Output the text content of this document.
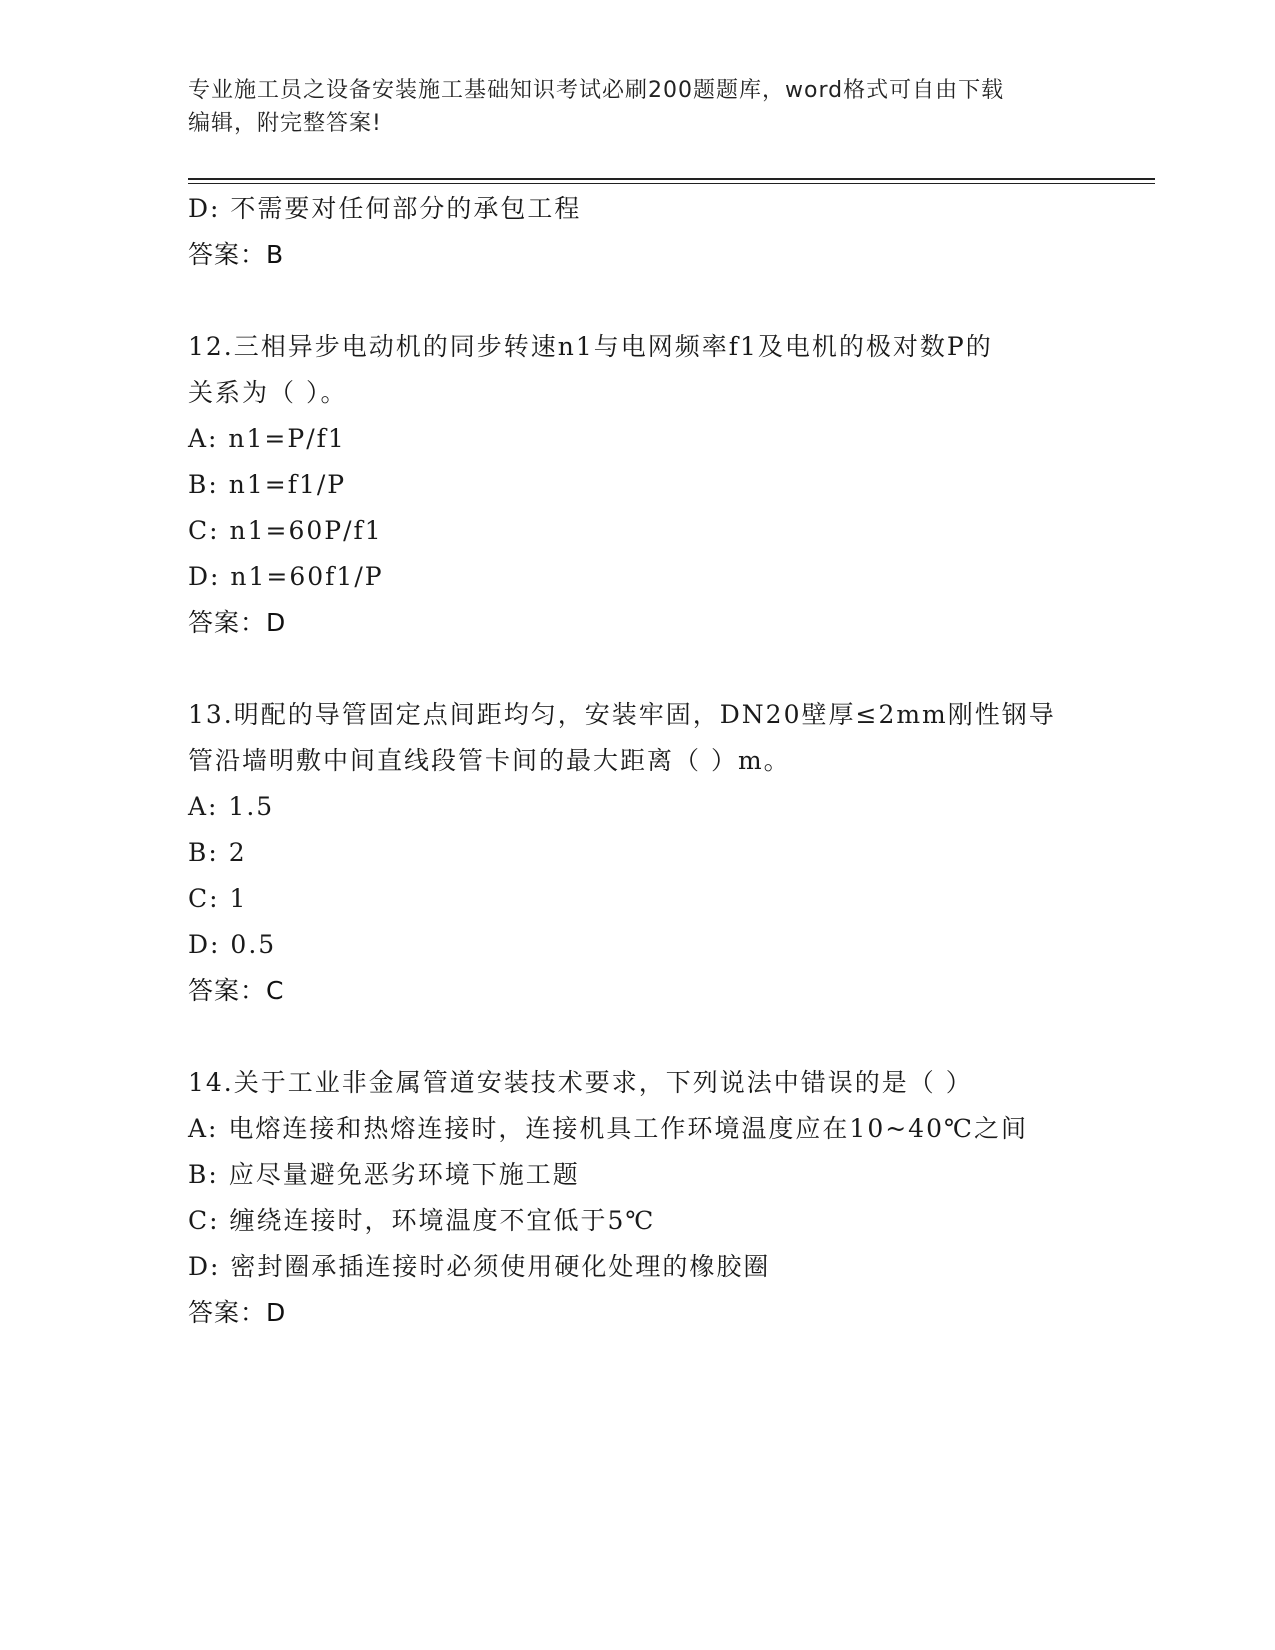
专业施工员之设备安装施工基础知识考试必刷200题题库，word格式可自由下载
编辑，附完整答案!
D: 不需要对任何部分的承包工程
答案：B
12.三相异步电动机的同步转速n1与电网频率f1及电机的极对数P的
关系为（ ）。
A: n1=P/f1
B: n1=f1/P
C: n1=60P/f1
D: n1=60f1/P
答案：D
13.明配的导管固定点间距均匀，安装牢固，DN20壁厚≤2mm刚性钢导
管沿墙明敷中间直线段管卡间的最大距离（ ）m。
A: 1.5
B: 2
C: 1
D: 0.5
答案：C
14.关于工业非金属管道安装技术要求，下列说法中错误的是（ ）
A: 电熔连接和热熔连接时，连接机具工作环境温度应在10~40℃之间
B: 应尽量避免恶劣环境下施工题
C: 缠绕连接时，环境温度不宜低于5℃
D: 密封圈承插连接时必须使用硬化处理的橡胶圈
答案：D
